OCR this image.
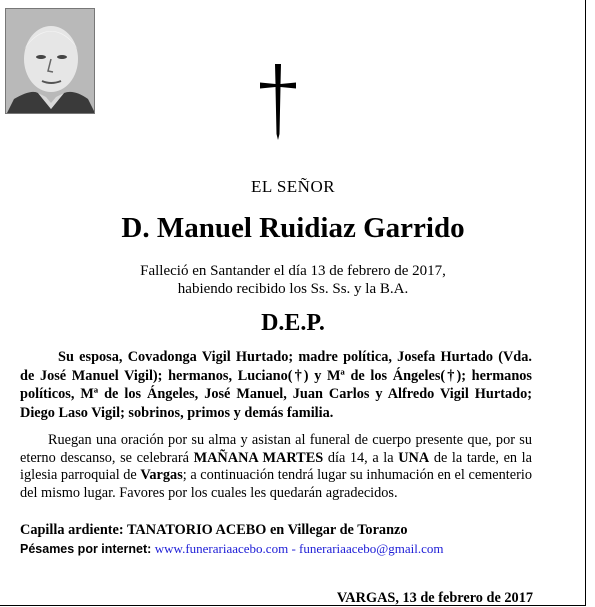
EL SEÑOR
D. Manuel Ruidiaz Garrido
Falleció en Santander el día 13 de febrero de 2017,
habiendo recibido los Ss. Ss. y la B.A.
D.E.P.
Su esposa, Covadonga Vigil Hurtado; madre política, Josefa Hurtado (Vda. de José Manuel Vigil); hermanos, Luciano(†) y Mª de los Ángeles(†); hermanos políticos, Mª de los Ángeles, José Manuel, Juan Carlos y Alfredo Vigil Hurtado; Diego Laso Vigil; sobrinos, primos y demás familia.
Ruegan una oración por su alma y asistan al funeral de cuerpo presente que, por su eterno descanso, se celebrará MAÑANA MARTES día 14, a la UNA de la tarde, en la iglesia parroquial de Vargas; a continuación tendrá lugar su inhumación en el cementerio del mismo lugar. Favores por los cuales les quedarán agradecidos.
Capilla ardiente: TANATORIO ACEBO en Villegar de Toranzo
Pésames por internet: www.funerariaacebo.com - funerariaacebo@gmail.com
VARGAS, 13 de febrero de 2017
